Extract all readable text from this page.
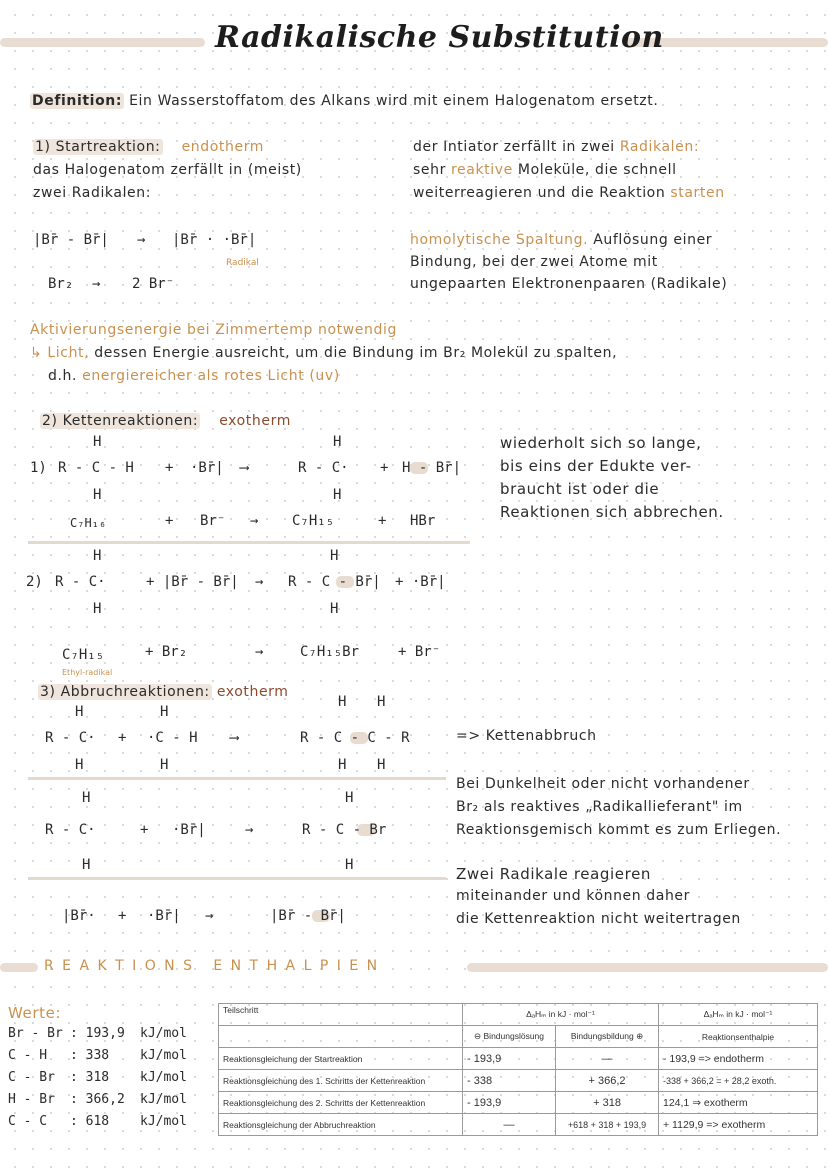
Radikalische Substitution
Definition: Ein Wasserstoffatom des Alkans wird mit einem Halogenatom ersetzt.
1) Startreaktion: endotherm
das Halogenatom zerfällt in (meist)
zwei Radikalen:
|Br̄ - Br̄| → |Br̄ · ·Br̄|
Radikal
Br₂ → 2 Br⁻
der Intiator zerfällt in zwei Radikalen:
sehr reaktive Moleküle, die schnell
weiterreagieren und die Reaktion starten
homolytische Spaltung. Auflösung einer
Bindung, bei der zwei Atome mit
ungepaarten Elektronenpaaren (Radikale)
Aktivierungsenergie bei Zimmertemp notwendig
↳ Licht, dessen Energie ausreicht, um die Bindung im Br₂ Molekül zu spalten,
d.h. energiereicher als rotes Licht (uv)
2) Kettenreaktionen: exotherm
H
H
1) R - C - H + ·Br̄| ⟶
H
H
R - C· + H - Br̄|
C₇H₁₆	+ Br⁻ → C₇H₁₅	+ HBr
wiederholt sich so lange,
bis eins der Edukte ver-
braucht ist oder die
Reaktionen sich abbrechen.
H
H
2) R - C·	+ |Br̄ - Br̄| →
H
H
R - C - Br̄| + ·Br̄|
C₇H₁₅	+ Br₂	→	C₇H₁₅Br	+ Br⁻
Ethyl-radikal
3) Abbruchreaktionen: exotherm
H
H
R - C· +
H
H
·C - H ⟶
H H
H H
R - C - C - R	=> Kettenabbruch
H
H
R - C·	+ ·Br̄|	→
H
H
R - C - Br
Bei Dunkelheit oder nicht vorhandener
Br₂ als reaktives „Radikallieferant" im
Reaktionsgemisch kommt es zum Erliegen.
|Br̄· + ·Br̄| →	|Br̄ - Br̄|
Zwei Radikale reagieren
miteinander und können daher
die Kettenreaktion nicht weitertragen
R E A K T I O N S   E N T H A L P I E N
Werte:
Br - Br : 193,9 kJ/mol
C - H : 338 kJ/mol
C - Br : 318 kJ/mol
H - Br : 366,2 kJ/mol
C - C : 618 kJ/mol
Teilschritt	ΔₐHₘ in kJ · mol⁻¹		ΔₐHₘ in kJ · mol⁻¹
	⊖ Bindungslösung	Bindungsbildung ⊕	Reaktionsenthalpie
Reaktionsgleichung der Startreaktion	- 193,9	—	- 193,9 => endotherm
Reaktionsgleichung des 1. Schritts der Kettenreaktion	- 338	+ 366,2	-338 + 366,2 = + 28,2 exoth.
Reaktionsgleichung des 2. Schritts der Kettenreaktion	- 193,9	+ 318	124,1 ⇒ exotherm
Reaktionsgleichung der Abbruchreaktion	—	+618 + 318 + 193,9	+ 1129,9 => exotherm
